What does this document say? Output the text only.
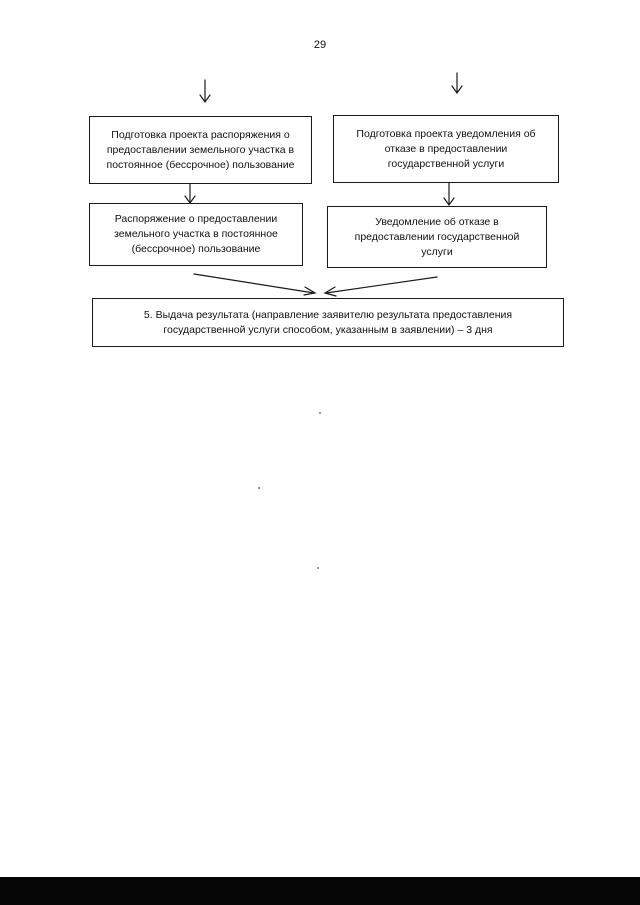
29
Подготовка проекта распоряжения о
предоставлении земельного участка в
постоянное (бессрочное) пользование
Подготовка проекта уведомления об
отказе в предоставлении
государственной услуги
Распоряжение о предоставлении
земельного участка в постоянное
(бессрочное) пользование
Уведомление об отказе в
предоставлении государственной
услуги
5. Выдача результата (направление заявителю результата предоставления
государственной услуги способом, указанным в заявлении) – 3 дня
